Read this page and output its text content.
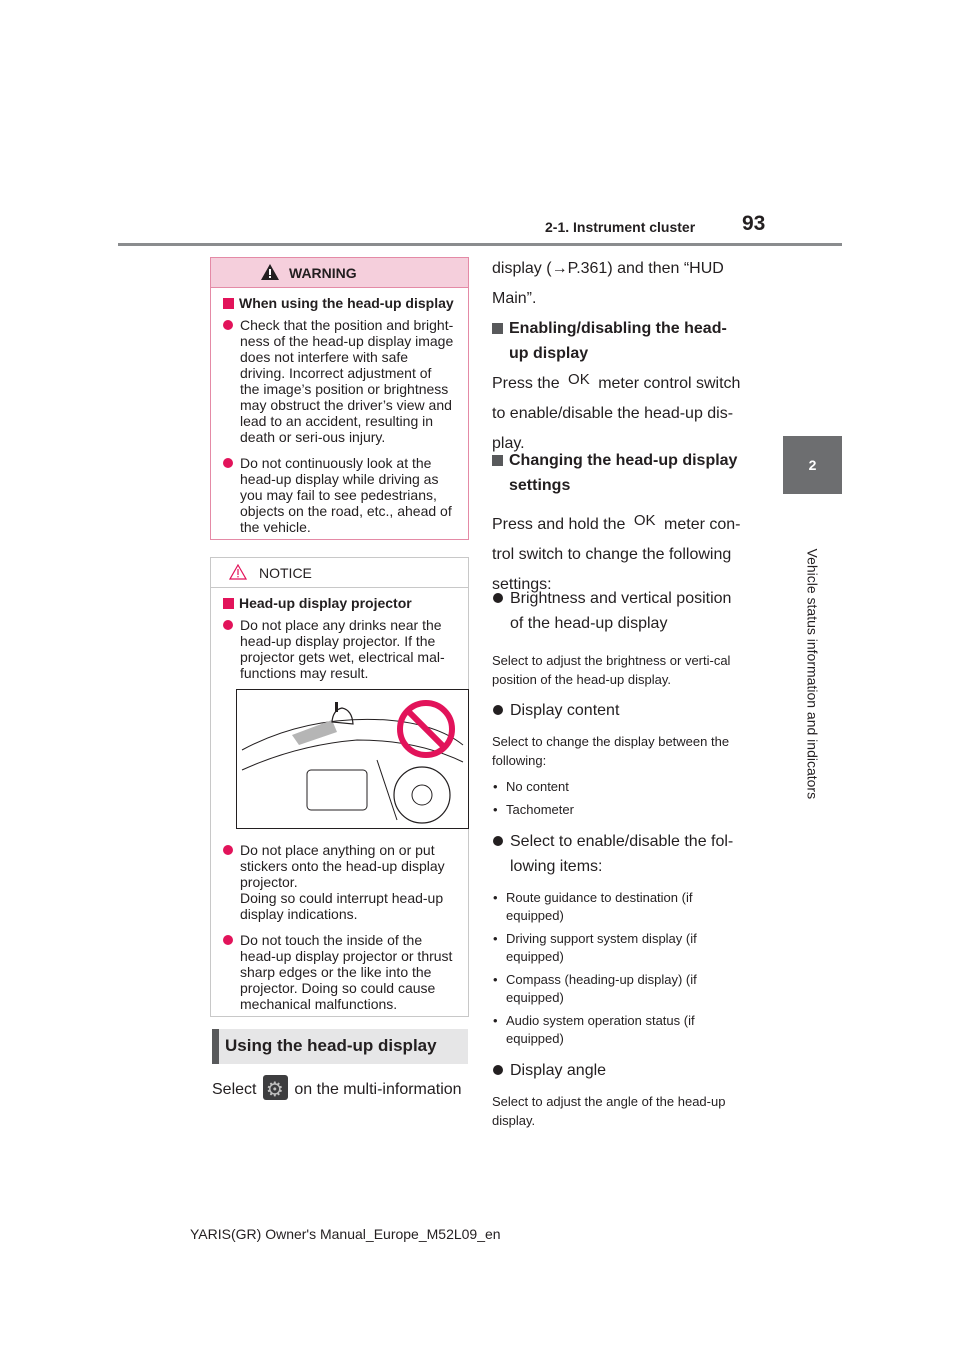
2-1. Instrument cluster 93
2
Vehicle status information and indicators
WARNING
When using the head-up display
Check that the position and bright-ness of the head-up display image does not interfere with safe driving. Incorrect adjustment of the image’s position or brightness may obstruct the driver’s view and lead to an accident, resulting in death or seri-ous injury.
Do not continuously look at the head-up display while driving as you may fail to see pedestrians, objects on the road, etc., ahead of the vehicle.
NOTICE
Head-up display projector
Do not place any drinks near the head-up display projector. If the projector gets wet, electrical mal-functions may result.
Do not place anything on or put stickers onto the head-up display projector.
Doing so could interrupt head-up display indications.
Do not touch the inside of the head-up display projector or thrust sharp edges or the like into the projector. Doing so could cause mechanical malfunctions.
Using the head-up display
Select ⚙ on the multi-information
display (→P.361) and then “HUD Main”.
Enabling/disabling the head-
up display
Press the OK meter control switch
to enable/disable the head-up dis-play.
Changing the head-up display
settings
Press and hold the OK meter con-
trol switch to change the following settings:
Brightness and vertical position of the head-up display
Select to adjust the brightness or verti-cal position of the head-up display.
Display content
Select to change the display between the following:
• No content
• Tachometer
Select to enable/disable the fol-lowing items:
• Route guidance to destination (if equipped)
• Driving support system display (if equipped)
• Compass (heading-up display) (if equipped)
• Audio system operation status (if equipped)
Display angle
Select to adjust the angle of the head-up display.
YARIS(GR) Owner's Manual_Europe_M52L09_en
